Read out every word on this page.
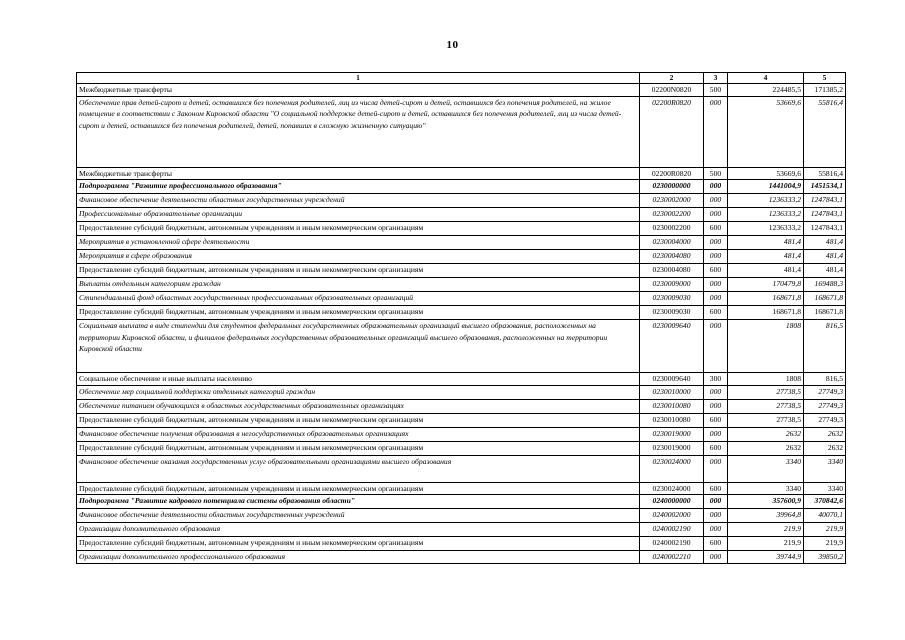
10
1	2	3	4	5
Межбюджетные трансферты	02200N0820	500	224485,5	171385,2
Обеспечение прав детей-сирот и детей, оставшихся без попечения родителей, лиц из числа детей-сирот и детей, оставшихся без попечения родителей, на жилое помещение в соответствии с Законом Кировской области "О социальной поддержке детей-сирот и детей, оставшихся без попечения родителей, лиц из числа детей-сирот и детей, оставшихся без попечения родителей, детей, попавших в сложную жизненную ситуацию"	02200R0820	000	53669,6	55816,4
Межбюджетные трансферты	02200R0820	500	53669,6	55816,4
Подпрограмма "Развитие профессионального образования"	0230000000	000	1441004,9	1451534,1
Финансовое обеспечение деятельности областных государственных учреждений	0230002000	000	1236333,2	1247843,1
Профессиональные образовательные организации	0230002200	000	1236333,2	1247843,1
Предоставление субсидий бюджетным, автономным учреждениям и иным некоммерческим организациям	0230002200	600	1236333,2	1247843,1
Мероприятия в установленной сфере деятельности	0230004000	000	481,4	481,4
Мероприятия в сфере образования	0230004080	000	481,4	481,4
Предоставление субсидий бюджетным, автономным учреждениям и иным некоммерческим организациям	0230004080	600	481,4	481,4
Выплаты отдельным категориям граждан	0230009000	000	170479,8	169488,3
Стипендиальный фонд областных государственных профессиональных образовательных организаций	02300090З0	000	168671,8	168671,8
Предоставление субсидий бюджетным, автономным учреждениям и иным некоммерческим организациям	02300090З0	600	168671,8	168671,8
Социальная выплата в виде стипендии для студентов федеральных государственных образовательных организаций высшего образования, расположенных на территории Кировской области, и филиалов федеральных государственных образовательных организаций высшего образования, расположенных на территории Кировской области	0230009640	000	1808	816,5
Социальное обеспечение и иные выплаты населению	0230009640	300	1808	816,5
Обеспечение мер социальной поддержки отдельных категорий граждан	0230010000	000	27738,5	27749,3
Обеспечение питанием обучающихся в областных государственных образовательных организациях	0230010080	000	27738,5	27749,3
Предоставление субсидий бюджетным, автономным учреждениям и иным некоммерческим организациям	0230010080	600	27738,5	27749,3
Финансовое обеспечение получения образования в негосударственных образовательных организациях	0230019000	000	2632	2632
Предоставление субсидий бюджетным, автономным учреждениям и иным некоммерческим организациям	0230019000	600	2632	2632
Финансовое обеспечение оказания государственных услуг образовательными организациями высшего образования	0230024000	000	3340	3340
Предоставление субсидий бюджетным, автономным учреждениям и иным некоммерческим организациям	0230024000	600	3340	3340
Подпрограмма "Развитие кадрового потенциала системы образования области"	0240000000	000	357600,9	370842,6
Финансовое обеспечение деятельности областных государственных учреждений	0240002000	000	39964,8	40070,1
Организации дополнительного образования	0240002190	000	219,9	219,9
Предоставление субсидий бюджетным, автономным учреждениям и иным некоммерческим организациям	0240002190	600	219,9	219,9
Организации дополнительного профессионального образования	0240002210	000	39744,9	39850,2
